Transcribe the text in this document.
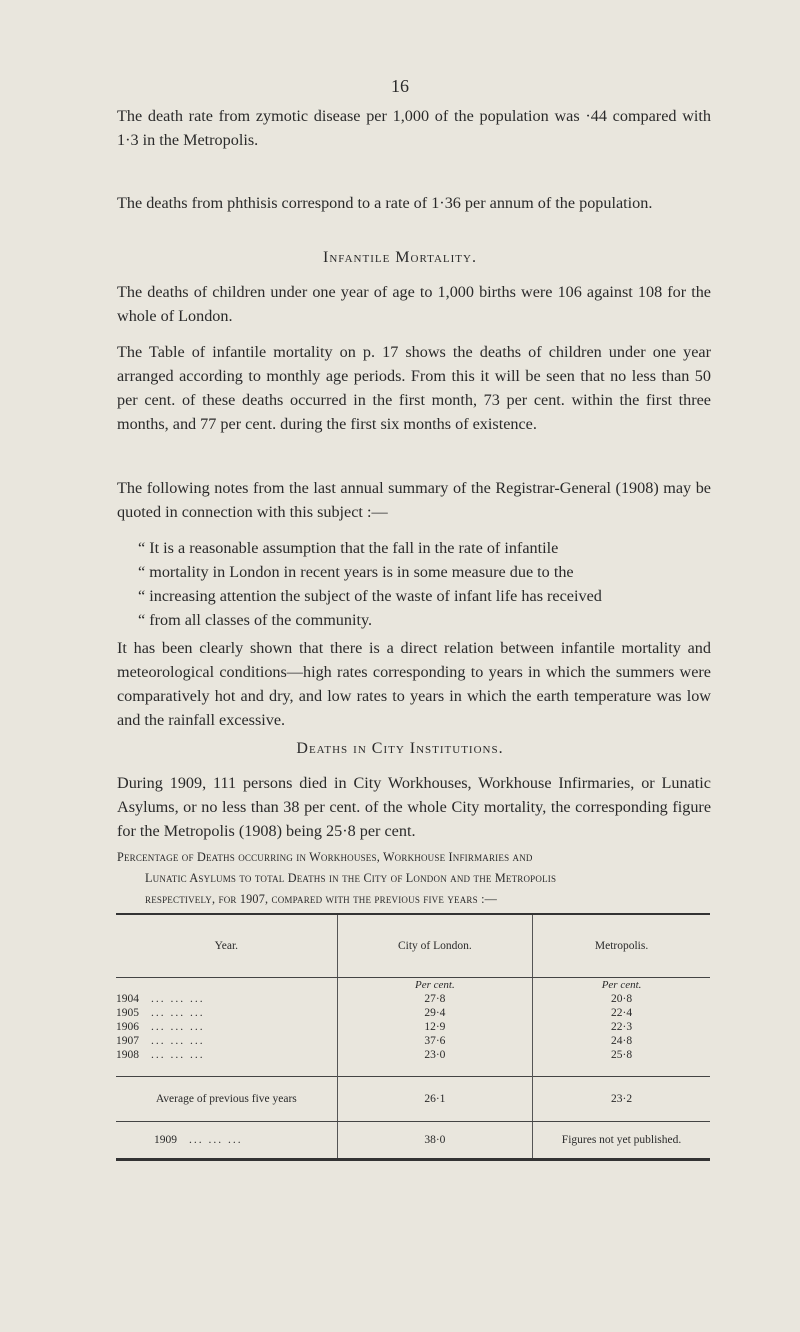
16

The death rate from zymotic disease per 1,000 of the population was ·44 compared with 1·3 in the Metropolis.

The deaths from phthisis correspond to a rate of 1·36 per annum of the population.

Infantile Mortality.

The deaths of children under one year of age to 1,000 births were 106 against 108 for the whole of London.

The Table of infantile mortality on p. 17 shows the deaths of children under one year arranged according to monthly age periods. From this it will be seen that no less than 50 per cent. of these deaths occurred in the first month, 73 per cent. within the first three months, and 77 per cent. during the first six months of existence.

The following notes from the last annual summary of the Registrar-General (1908) may be quoted in connection with this subject :—

“ It is a reasonable assumption that the fall in the rate of infantile
“ mortality in London in recent years is in some measure due to the
“ increasing attention the subject of the waste of infant life has received
“ from all classes of the community.

It has been clearly shown that there is a direct relation between infantile mortality and meteorological conditions—high rates corresponding to years in which the summers were comparatively hot and dry, and low rates to years in which the earth temperature was low and the rainfall excessive.

Deaths in City Institutions.

During 1909, 111 persons died in City Workhouses, Workhouse Infirmaries, or Lunatic Asylums, or no less than 38 per cent. of the whole City mortality, the corresponding figure for the Metropolis (1908) being 25·8 per cent.

Percentage of Deaths occurring in Workhouses, Workhouse Infirmaries and
Lunatic Asylums to total Deaths in the City of London and the Metropolis
respectively, for 1907, compared with the previous five years :—
Year.	City of London.	Metropolis.
	Per cent.	Per cent.
1904 ... ... ...	27·8	20·8
1905 ... ... ...	29·4	22·4
1906 ... ... ...	12·9	22·3
1907 ... ... ...	37·6	24·8
1908 ... ... ...	23·0	25·8
Average of previous five years	26·1	23·2
1909 ... ... ...	38·0	Figures not yet published.
